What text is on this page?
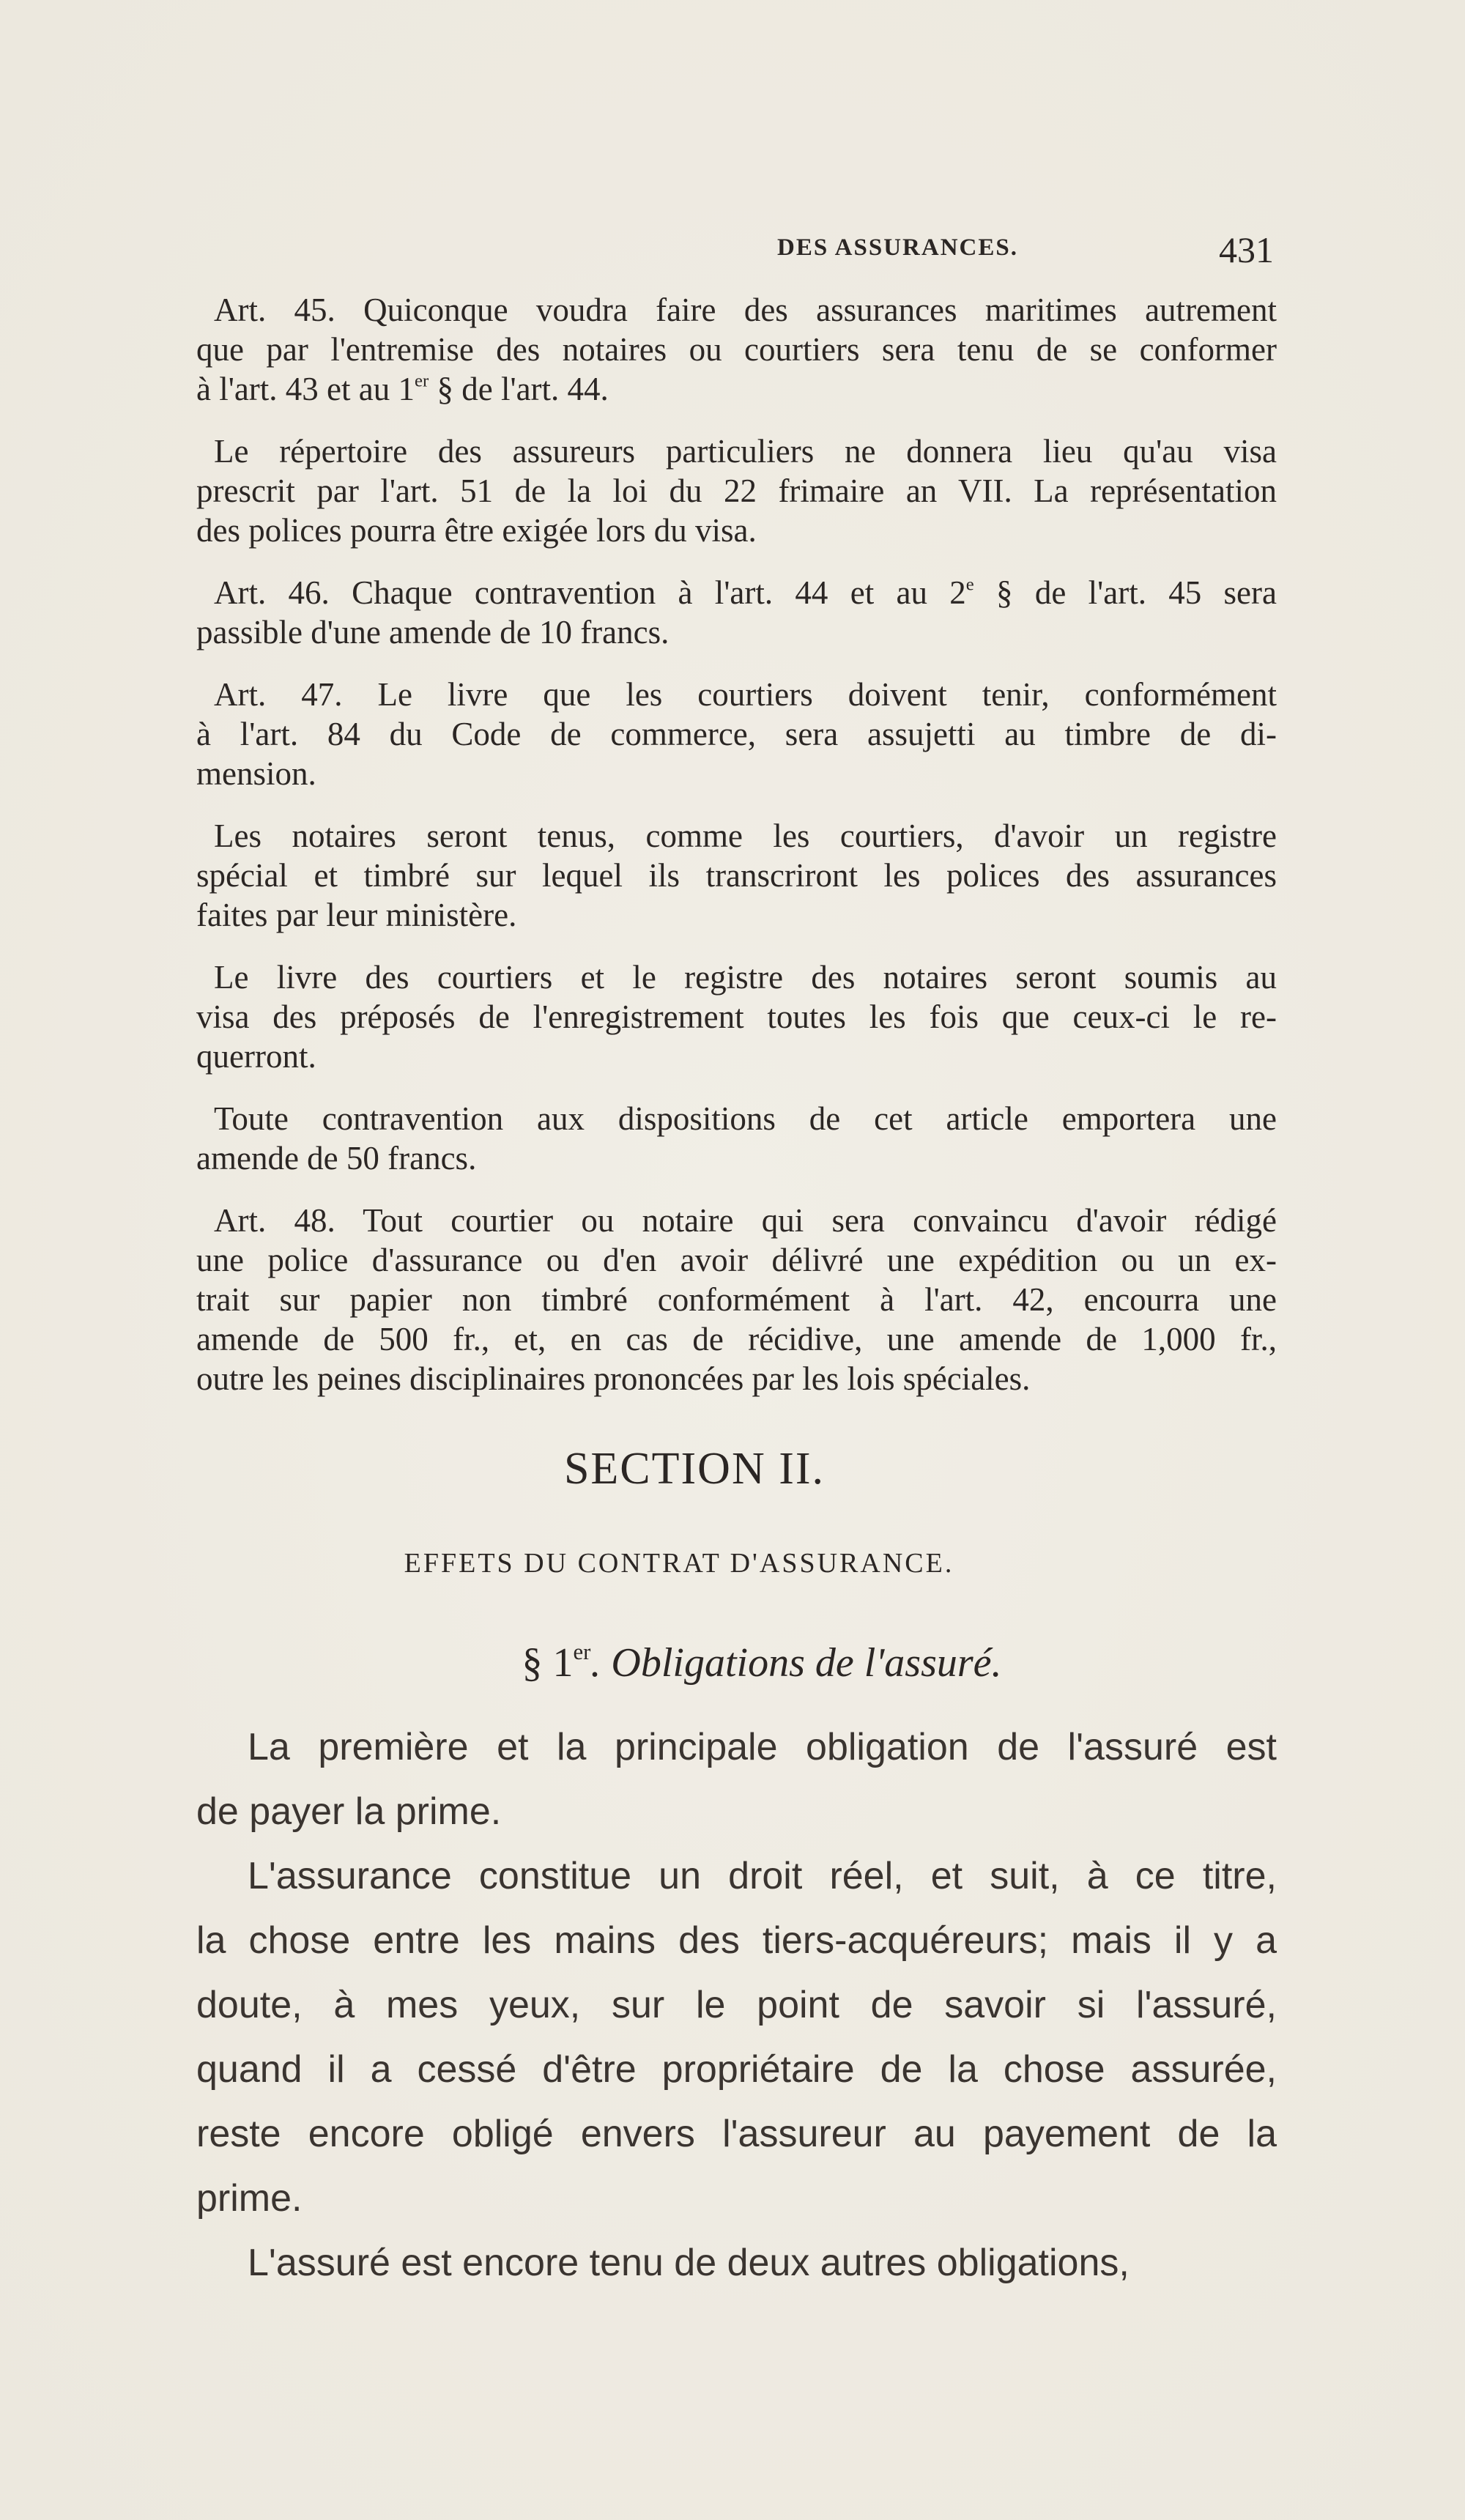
DES ASSURANCES.	431
Art. 45. Quiconque voudra faire des assurances maritimes autrement
que par l'entremise des notaires ou courtiers sera tenu de se conformer
à l'art. 43 et au 1er § de l'art. 44.
Le répertoire des assureurs particuliers ne donnera lieu qu'au visa
prescrit par l'art. 51 de la loi du 22 frimaire an VII. La représentation
des polices pourra être exigée lors du visa.
Art. 46. Chaque contravention à l'art. 44 et au 2e § de l'art. 45 sera
passible d'une amende de 10 francs.
Art. 47. Le livre que les courtiers doivent tenir, conformément
à l'art. 84 du Code de commerce, sera assujetti au timbre de di-
mension.
Les notaires seront tenus, comme les courtiers, d'avoir un registre
spécial et timbré sur lequel ils transcriront les polices des assurances
faites par leur ministère.
Le livre des courtiers et le registre des notaires seront soumis au
visa des préposés de l'enregistrement toutes les fois que ceux-ci le re-
querront.
Toute contravention aux dispositions de cet article emportera une
amende de 50 francs.
Art. 48. Tout courtier ou notaire qui sera convaincu d'avoir rédigé
une police d'assurance ou d'en avoir délivré une expédition ou un ex-
trait sur papier non timbré conformément à l'art. 42, encourra une
amende de 500 fr., et, en cas de récidive, une amende de 1,000 fr.,
outre les peines disciplinaires prononcées par les lois spéciales.
SECTION II.
EFFETS DU CONTRAT D'ASSURANCE.
§ 1er. Obligations de l'assuré.
La première et la principale obligation de l'assuré est
de payer la prime.
L'assurance constitue un droit réel, et suit, à ce titre,
la chose entre les mains des tiers-acquéreurs; mais il y a
doute, à mes yeux, sur le point de savoir si l'assuré,
quand il a cessé d'être propriétaire de la chose assurée,
reste encore obligé envers l'assureur au payement de la
prime.
L'assuré est encore tenu de deux autres obligations,
